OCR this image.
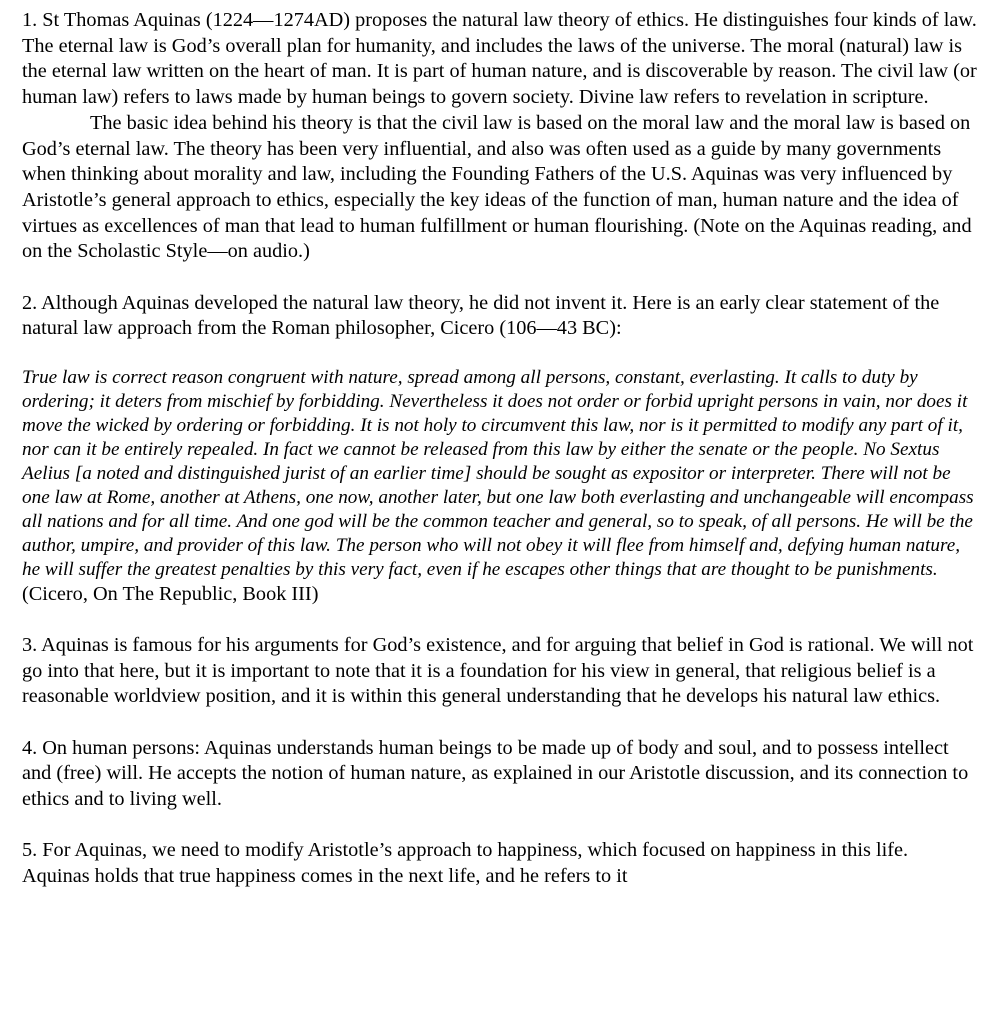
1. St Thomas Aquinas (1224—1274AD) proposes the natural law theory of ethics. He distinguishes four kinds of law. The eternal law is God’s overall plan for humanity, and includes the laws of the universe. The moral (natural) law is the eternal law written on the heart of man. It is part of human nature, and is discoverable by reason. The civil law (or human law) refers to laws made by human beings to govern society. Divine law refers to revelation in scripture.
The basic idea behind his theory is that the civil law is based on the moral law and the moral law is based on God’s eternal law. The theory has been very influential, and also was often used as a guide by many governments when thinking about morality and law, including the Founding Fathers of the U.S. Aquinas was very influenced by Aristotle’s general approach to ethics, especially the key ideas of the function of man, human nature and the idea of virtues as excellences of man that lead to human fulfillment or human flourishing. (Note on the Aquinas reading, and on the Scholastic Style—on audio.)

2. Although Aquinas developed the natural law theory, he did not invent it. Here is an early clear statement of the natural law approach from the Roman philosopher, Cicero (106—43 BC):

True law is correct reason congruent with nature, spread among all persons, constant, everlasting. It calls to duty by ordering; it deters from mischief by forbidding. Nevertheless it does not order or forbid upright persons in vain, nor does it move the wicked by ordering or forbidding. It is not holy to circumvent this law, nor is it permitted to modify any part of it, nor can it be entirely repealed. In fact we cannot be released from this law by either the senate or the people. No Sextus Aelius [a noted and distinguished jurist of an earlier time] should be sought as expositor or interpreter. There will not be one law at Rome, another at Athens, one now, another later, but one law both everlasting and unchangeable will encompass all nations and for all time. And one god will be the common teacher and general, so to speak, of all persons. He will be the author, umpire, and provider of this law. The person who will not obey it will flee from himself and, defying human nature, he will suffer the greatest penalties by this very fact, even if he escapes other things that are thought to be punishments. (Cicero, On The Republic, Book III)

3. Aquinas is famous for his arguments for God’s existence, and for arguing that belief in God is rational. We will not go into that here, but it is important to note that it is a foundation for his view in general, that religious belief is a reasonable worldview position, and it is within this general understanding that he develops his natural law ethics.

4. On human persons: Aquinas understands human beings to be made up of body and soul, and to possess intellect and (free) will. He accepts the notion of human nature, as explained in our Aristotle discussion, and its connection to ethics and to living well.

5. For Aquinas, we need to modify Aristotle’s approach to happiness, which focused on happiness in this life. Aquinas holds that true happiness comes in the next life, and he refers to it
